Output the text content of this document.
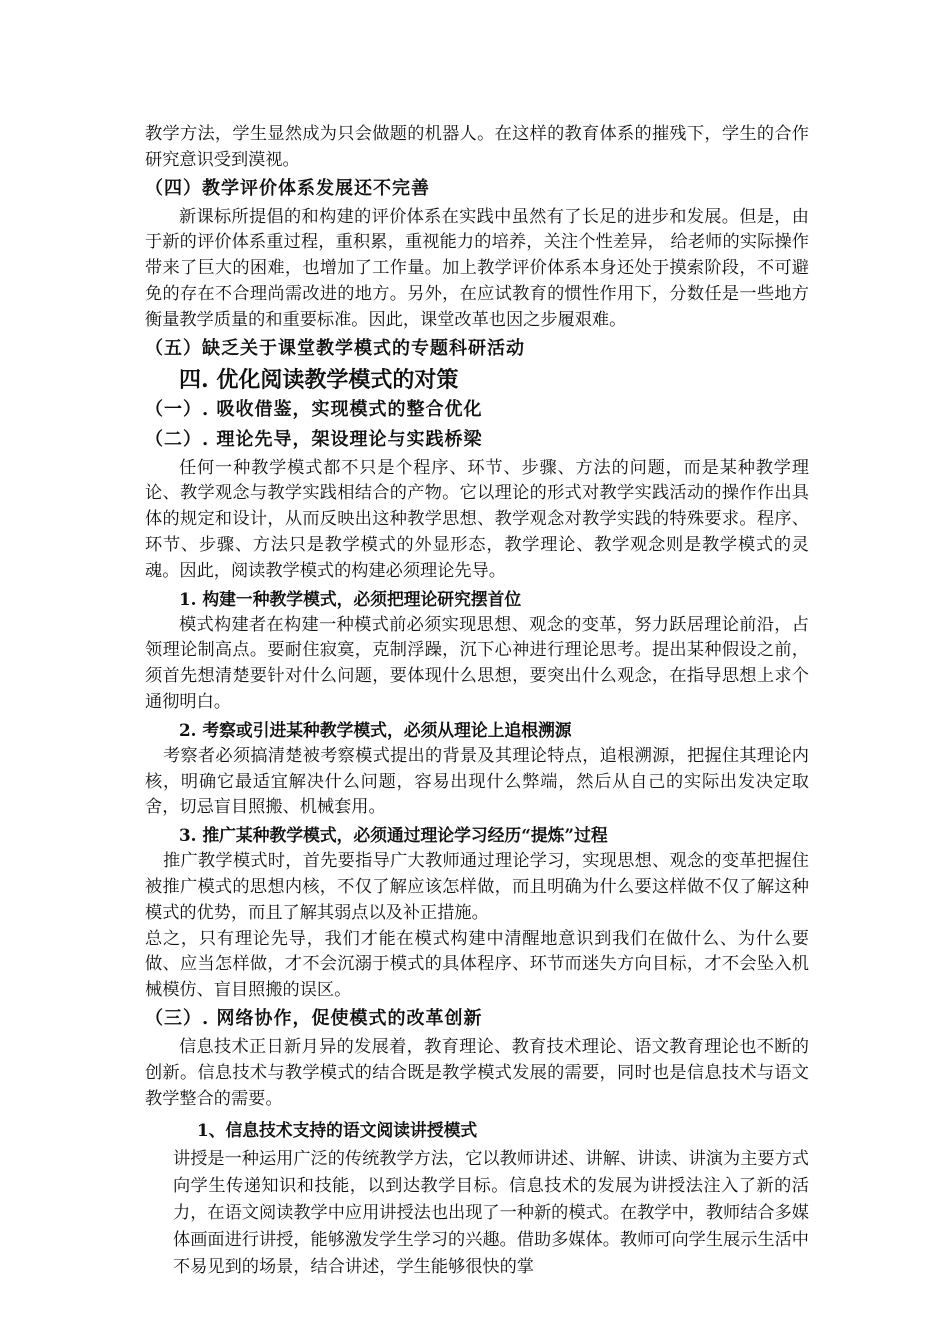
教学方法，学生显然成为只会做题的机器人。在这样的教育体系的摧残下，学生的合作研究意识受到漠视。

（四）教学评价体系发展还不完善

新课标所提倡的和构建的评价体系在实践中虽然有了长足的进步和发展。但是，由于新的评价体系重过程，重积累，重视能力的培养，关注个性差异， 给老师的实际操作带来了巨大的困难，也增加了工作量。加上教学评价体系本身还处于摸索阶段，不可避免的存在不合理尚需改进的地方。另外，在应试教育的惯性作用下，分数任是一些地方衡量教学质量的和重要标准。因此，课堂改革也因之步履艰难。

（五）缺乏关于课堂教学模式的专题科研活动

四. 优化阅读教学模式的对策

（一）. 吸收借鉴，实现模式的整合优化

（二）. 理论先导，架设理论与实践桥梁

任何一种教学模式都不只是个程序、环节、步骤、方法的问题，而是某种教学理论、教学观念与教学实践相结合的产物。它以理论的形式对教学实践活动的操作作出具体的规定和设计，从而反映出这种教学思想、教学观念对教学实践的特殊要求。程序、环节、步骤、方法只是教学模式的外显形态，教学理论、教学观念则是教学模式的灵魂。因此，阅读教学模式的构建必须理论先导。

1. 构建一种教学模式，必须把理论研究摆首位

模式构建者在构建一种模式前必须实现思想、观念的变革，努力跃居理论前沿，占领理论制高点。要耐住寂寞，克制浮躁，沉下心神进行理论思考。提出某种假设之前，须首先想清楚要针对什么问题，要体现什么思想，要突出什么观念，在指导思想上求个通彻明白。

2. 考察或引进某种教学模式，必须从理论上追根溯源

考察者必须搞清楚被考察模式提出的背景及其理论特点，追根溯源，把握住其理论内核，明确它最适宜解决什么问题，容易出现什么弊端，然后从自己的实际出发决定取舍，切忌盲目照搬、机械套用。

3. 推广某种教学模式，必须通过理论学习经历“提炼”过程

推广教学模式时，首先要指导广大教师通过理论学习，实现思想、观念的变革把握住被推广模式的思想内核，不仅了解应该怎样做，而且明确为什么要这样做不仅了解这种模式的优势，而且了解其弱点以及补正措施。

总之，只有理论先导，我们才能在模式构建中清醒地意识到我们在做什么、为什么要做、应当怎样做，才不会沉溺于模式的具体程序、环节而迷失方向目标，才不会坠入机械模仿、盲目照搬的误区。

（三）. 网络协作，促使模式的改革创新

信息技术正日新月异的发展着，教育理论、教育技术理论、语文教育理论也不断的创新。信息技术与教学模式的结合既是教学模式发展的需要，同时也是信息技术与语文教学整合的需要。

1、信息技术支持的语文阅读讲授模式

讲授是一种运用广泛的传统教学方法，它以教师讲述、讲解、讲读、讲演为主要方式向学生传递知识和技能，以到达教学目标。信息技术的发展为讲授法注入了新的活力，在语文阅读教学中应用讲授法也出现了一种新的模式。在教学中，教师结合多媒体画面进行讲授，能够激发学生学习的兴趣。借助多媒体。教师可向学生展示生活中不易见到的场景，结合讲述，学生能够很快的掌
